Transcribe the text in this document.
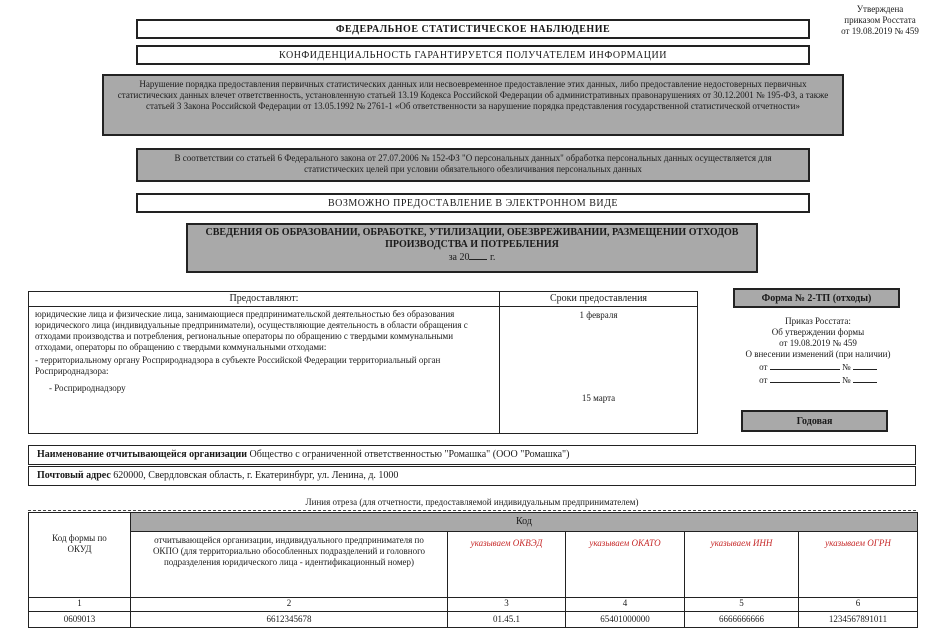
Утверждена
приказом Росстата
от 19.08.2019 № 459
ФЕДЕРАЛЬНОЕ СТАТИСТИЧЕСКОЕ НАБЛЮДЕНИЕ
КОНФИДЕНЦИАЛЬНОСТЬ ГАРАНТИРУЕТСЯ ПОЛУЧАТЕЛЕМ ИНФОРМАЦИИ
Нарушение порядка предоставления первичных статистических данных или несвоевременное предоставление этих данных, либо предоставление недостоверных первичных статистических данных влечет ответственность, установленную статьей 13.19 Кодекса Российской Федерации об административных правонарушениях от 30.12.2001 № 195-ФЗ, а также статьей 3 Закона Российской Федерации от 13.05.1992 № 2761-1 «Об ответственности за нарушение порядка представления государственной статистической отчетности»
В соответствии со статьей 6 Федерального закона от 27.07.2006 № 152-ФЗ "О персональных данных" обработка персональных данных осуществляется для статистических целей при условии обязательного обезличивания персональных данных
ВОЗМОЖНО ПРЕДОСТАВЛЕНИЕ В ЭЛЕКТРОННОМ ВИДЕ
СВЕДЕНИЯ ОБ ОБРАЗОВАНИИ, ОБРАБОТКЕ, УТИЛИЗАЦИИ, ОБЕЗВРЕЖИВАНИИ, РАЗМЕЩЕНИИ ОТХОДОВ ПРОИЗВОДСТВА И ПОТРЕБЛЕНИЯ
за 20 г.
Предоставляют:	Сроки предоставления
юридические лица и физические лица, занимающиеся предпринимательской деятельностью без образования юридического лица (индивидуальные предприниматели), осуществляющие деятельность в области обращения с отходами производства и потребления, региональные операторы по обращению с твердыми коммунальными отходами, операторы по обращению с твердыми коммунальными отходами:
- территориальному органу Росприроднадзора в субъекте Российской Федерации территориальный орган Росприроднадзора:
- Росприроднадзору
1 февраля
15 марта
Форма № 2-ТП (отходы)
Приказ Росстата:
Об утверждении формы
от 19.08.2019 № 459
О внесении изменений (при наличии)
от	№
от	№
Годовая
Наименование отчитывающейся организации Общество с ограниченной ответственностью "Ромашка" (ООО "Ромашка")
Почтовый адрес 620000, Свердловская область, г. Екатеринбург, ул. Ленина, д. 1000
Линия отреза (для отчетности, предоставляемой индивидуальным предпринимателем)
Код формы по ОКУД
Код
отчитывающейся организации, индивидуального предпринимателя по ОКПО (для территориально обособленных подразделений и головного подразделения юридического лица - идентификационный номер)
указываем ОКВЭД	указываем ОКАТО	указываем ИНН	указываем ОГРН
1	2	3	4	5	6
0609013	6612345678	01.45.1	65401000000	6666666666	1234567891011
